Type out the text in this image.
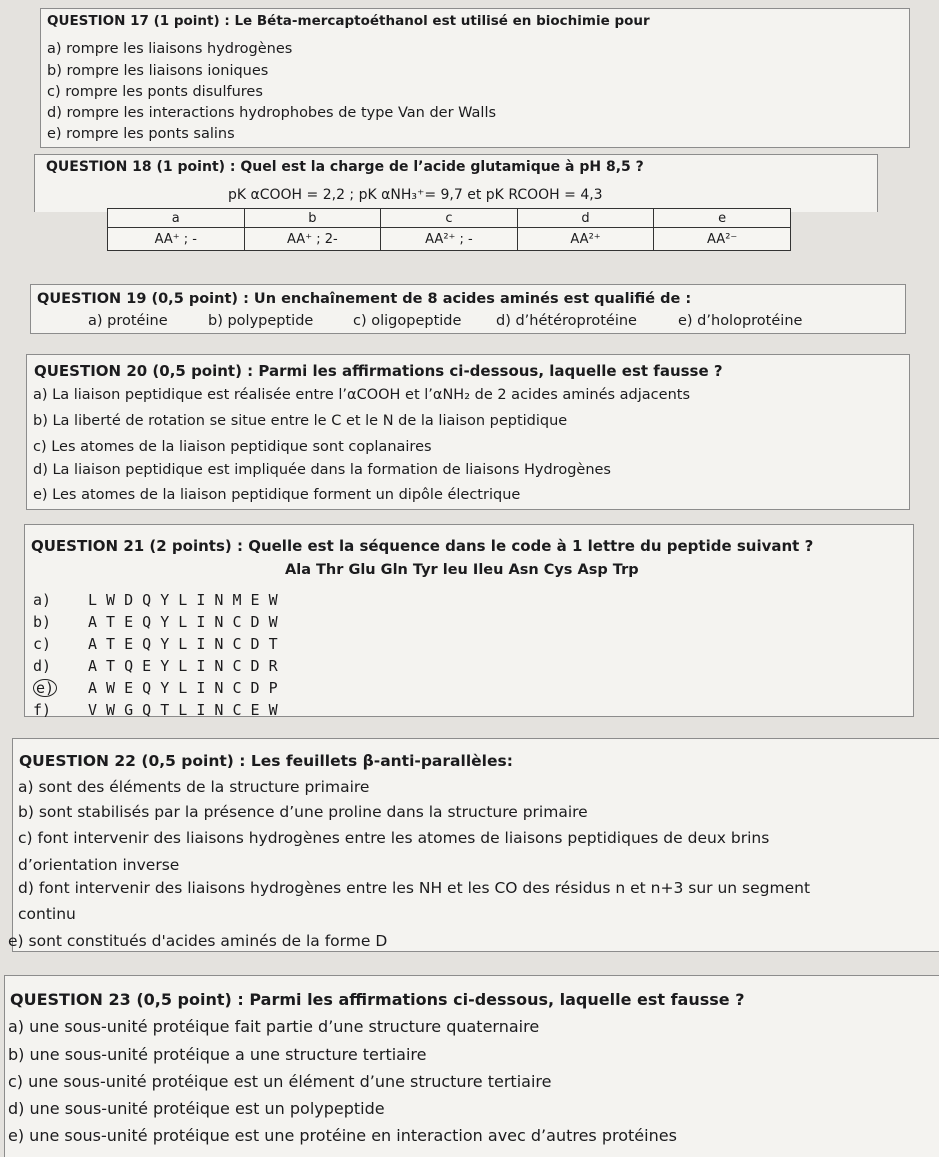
QUESTION 17 (1 point) : Le Béta-mercaptoéthanol est utilisé en biochimie pour
a) rompre les liaisons hydrogènes
b) rompre les liaisons ioniques
c) rompre les ponts disulfures
d) rompre les interactions hydrophobes de type Van der Walls
e) rompre les ponts salins
QUESTION 18 (1 point) : Quel est la charge de l’acide glutamique à pH 8,5 ?
pK αCOOH = 2,2 ; pK αNH₃⁺= 9,7 et pK RCOOH = 4,3
a	b	c	d	e
AA⁺ ; -	AA⁺ ; 2-	AA²⁺ ; -	AA²⁺	AA²⁻
QUESTION 19 (0,5 point) : Un enchaînement de 8 acides aminés est qualifié de :
a) protéine	b) polypeptide	c) oligopeptide d) d’hétéroprotéine	e) d’holoprotéine
QUESTION 20 (0,5 point) : Parmi les affirmations ci-dessous, laquelle est fausse ?
a) La liaison peptidique est réalisée entre l’αCOOH et l’αNH₂ de 2 acides aminés adjacents
b) La liberté de rotation se situe entre le C et le N de la liaison peptidique
c) Les atomes de la liaison peptidique sont coplanaires
d) La liaison peptidique est impliquée dans la formation de liaisons Hydrogènes
e) Les atomes de la liaison peptidique forment un dipôle électrique
QUESTION 21 (2 points) : Quelle est la séquence dans le code à 1 lettre du peptide suivant ?
Ala Thr Glu Gln Tyr leu Ileu Asn Cys Asp Trp
a) L W D Q Y L I N M E W
b) A T E Q Y L I N C D W
c) A T E Q Y L I N C D T
d) A T Q E Y L I N C D R
e) A W E Q Y L I N C D P
f) V W G Q T L I N C E W
QUESTION 22 (0,5 point) : Les feuillets β‐anti-parallèles:
a) sont des éléments de la structure primaire
b) sont stabilisés par la présence d’une proline dans la structure primaire
c) font intervenir des liaisons hydrogènes entre les atomes de liaisons peptidiques de deux brins
d’orientation inverse
d) font intervenir des liaisons hydrogènes entre les NH et les CO des résidus n et n+3 sur un segment
continu
e) sont constitués d'acides aminés de la forme D
QUESTION 23 (0,5 point) : Parmi les affirmations ci-dessous, laquelle est fausse ?
a) une sous-unité protéique fait partie d’une structure quaternaire
b) une sous-unité protéique a une structure tertiaire
c) une sous-unité protéique est un élément d’une structure tertiaire
d) une sous-unité protéique est un polypeptide
e) une sous-unité protéique est une protéine en interaction avec d’autres protéines
